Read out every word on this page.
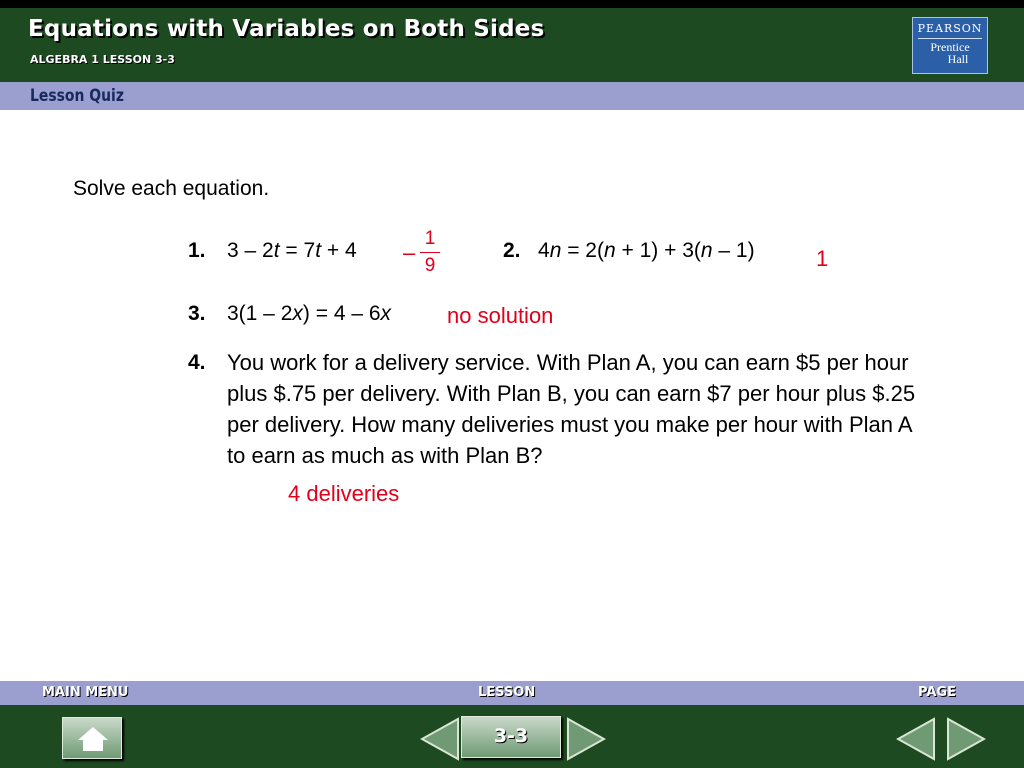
Equations with Variables on Both Sides
ALGEBRA 1 LESSON 3-3
PEARSON
Prentice
Hall
Lesson Quiz
Solve each equation.
1. 3 – 2t = 7t + 4 –
1
9
2. 4n = 2(n + 1) + 3(n – 1)	1
3. 3(1 – 2x) = 4 – 6x	no solution
4. You work for a delivery service. With Plan A, you can earn $5 per hour plus $.75 per delivery. With Plan B, you can earn $7 per hour plus $.25 per delivery. How many deliveries must you make per hour with Plan A to earn as much as with Plan B?
4 deliveries
MAIN MENU	LESSON	PAGE
3-3
